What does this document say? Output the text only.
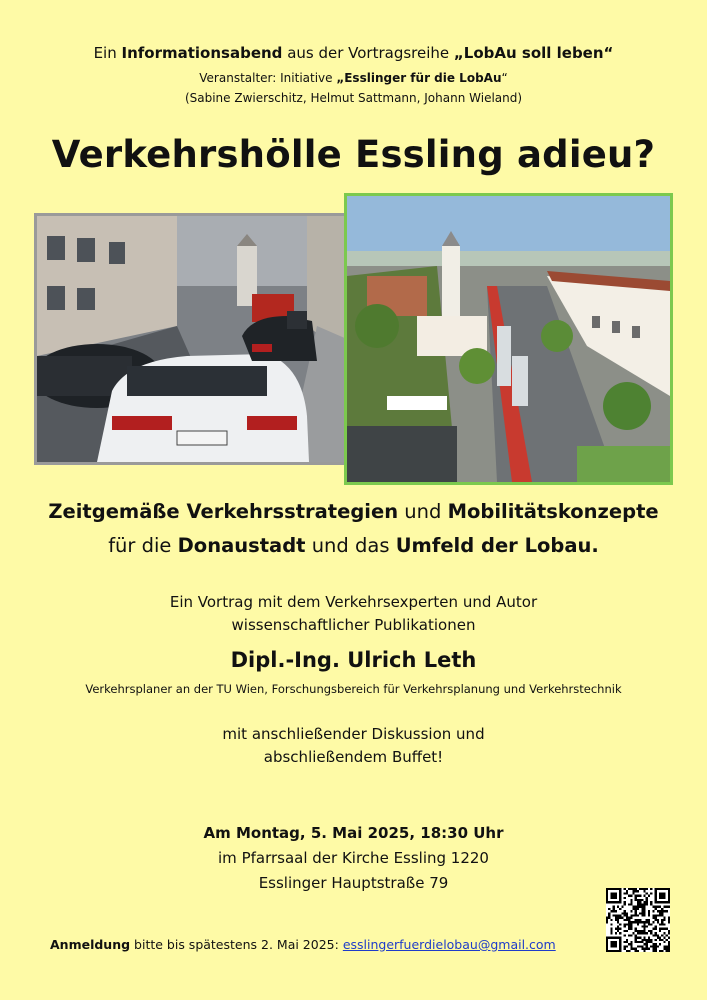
Ein Informationsabend aus der Vortragsreihe „LobAu soll leben“
Veranstalter: Initiative „Esslinger für die LobAu“
(Sabine Zwierschitz, Helmut Sattmann, Johann Wieland)
Verkehrshölle Essling adieu?
Zeitgemäße Verkehrsstrategien und Mobilitätskonzepte
für die Donaustadt und das Umfeld der Lobau.
Ein Vortrag mit dem Verkehrsexperten und Autor
wissenschaftlicher Publikationen
Dipl.-Ing. Ulrich Leth
Verkehrsplaner an der TU Wien, Forschungsbereich für Verkehrsplanung und Verkehrstechnik
mit anschließender Diskussion und
abschließendem Buffet!
Am Montag, 5. Mai 2025, 18:30 Uhr
im Pfarrsaal der Kirche Essling 1220
Esslinger Hauptstraße 79
Anmeldung bitte bis spätestens 2. Mai 2025: esslingerfuerdielobau@gmail.com
